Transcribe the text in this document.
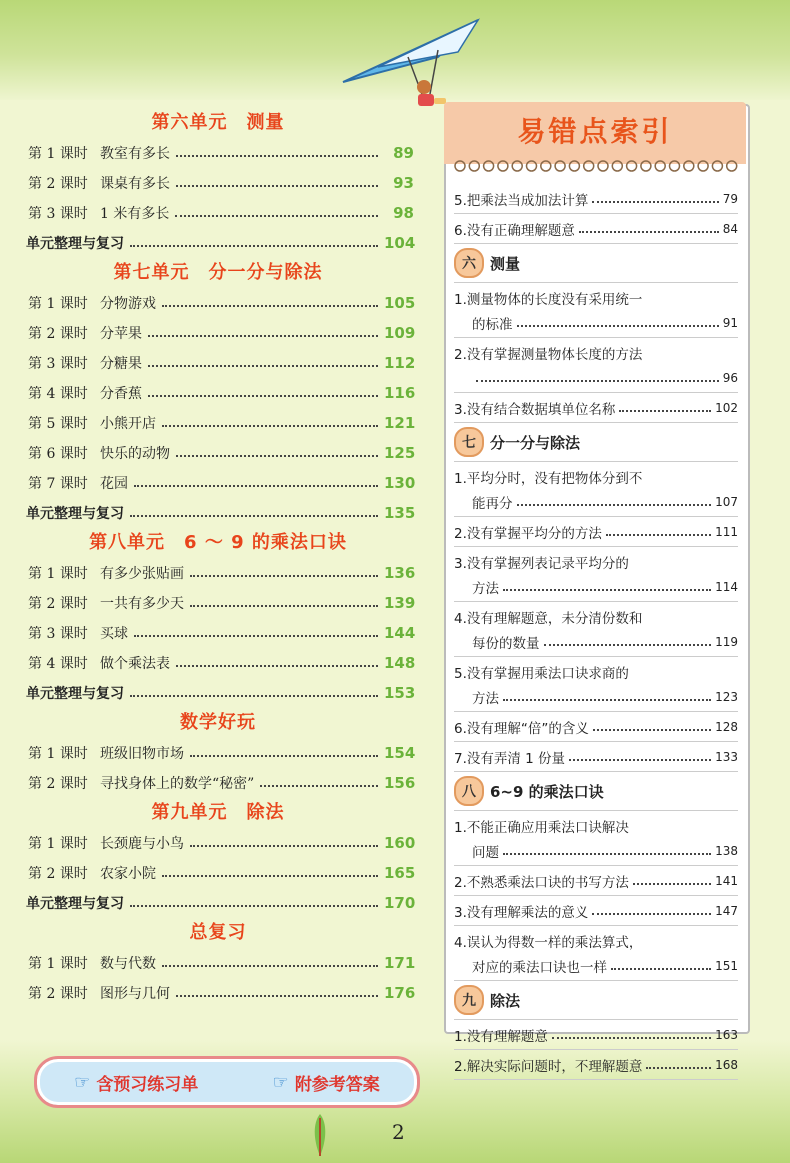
第六单元　测量
第 1 课时 教室有多长	89
第 2 课时 课桌有多长	93
第 3 课时 1 米有多长	98
单元整理与复习	104
第七单元　分一分与除法
第 1 课时 分物游戏	105
第 2 课时 分苹果	109
第 3 课时 分糖果	112
第 4 课时 分香蕉	116
第 5 课时 小熊开店	121
第 6 课时 快乐的动物	125
第 7 课时 花园	130
单元整理与复习	135
第八单元　6 ～ 9 的乘法口诀
第 1 课时 有多少张贴画	136
第 2 课时 一共有多少天	139
第 3 课时 买球	144
第 4 课时 做个乘法表	148
单元整理与复习	153
数学好玩
第 1 课时 班级旧物市场	154
第 2 课时 寻找身体上的数学“秘密”	156
第九单元　除法
第 1 课时 长颈鹿与小鸟	160
第 2 课时 农家小院	165
单元整理与复习	170
总复习
第 1 课时 数与代数	171
第 2 课时 图形与几何	176
☞ 含预习练习单	☞ 附参考答案
2
易错点索引
5.把乘法当成加法计算	79
6.没有正确理解题意	84
六 测量
1.测量物体的长度没有采用统一
的标准	91
2.没有掌握测量物体长度的方法
96
3.没有结合数据填单位名称	102
七 分一分与除法
1.平均分时，没有把物体分到不
能再分	107
2.没有掌握平均分的方法	111
3.没有掌握列表记录平均分的
方法	114
4.没有理解题意，未分清份数和
每份的数量	119
5.没有掌握用乘法口诀求商的
方法	123
6.没有理解“倍”的含义	128
7.没有弄清 1 份量	133
八 6~9 的乘法口诀
1.不能正确应用乘法口诀解决
问题	138
2.不熟悉乘法口诀的书写方法	141
3.没有理解乘法的意义	147
4.误认为得数一样的乘法算式，
对应的乘法口诀也一样	151
九 除法
1.没有理解题意	163
2.解决实际问题时，不理解题意	168
